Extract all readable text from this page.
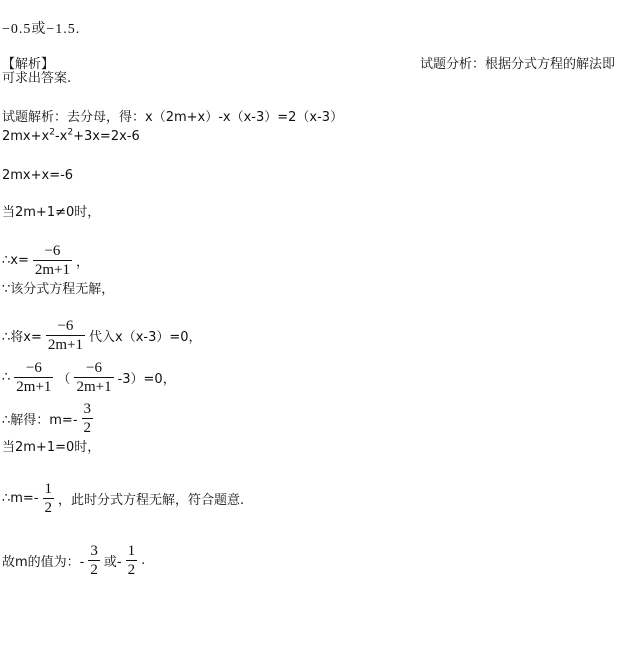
−0.5或−1.5.
【解析】	试题分析：根据分式方程的解法即
可求出答案.
试题解析：去分母，得：x（2m+x）-x（x-3）=2（x-3）
$2mx+x^2-x^2+3x=2x-6$
2mx+x=-6
当2m+1≠0时，
∴x= $\frac{-6}{2m+1}$ ，
∵该分式方程无解，
∴将$x= \frac{-6}{2m+1}$ 代入x（x-3）=0，
∴ $\frac{-6}{2m+1}$ （ $\frac{-6}{2m+1} -3)=0$，
∴解得：$m=- \frac{3}{2}$
当2m+1=0时，
∴m=- $\frac{1}{2}$ ，此时分式方程无解，符合题意.
故m的值为：- $\frac{3}{2}$ 或- $\frac{1}{2}$ .
